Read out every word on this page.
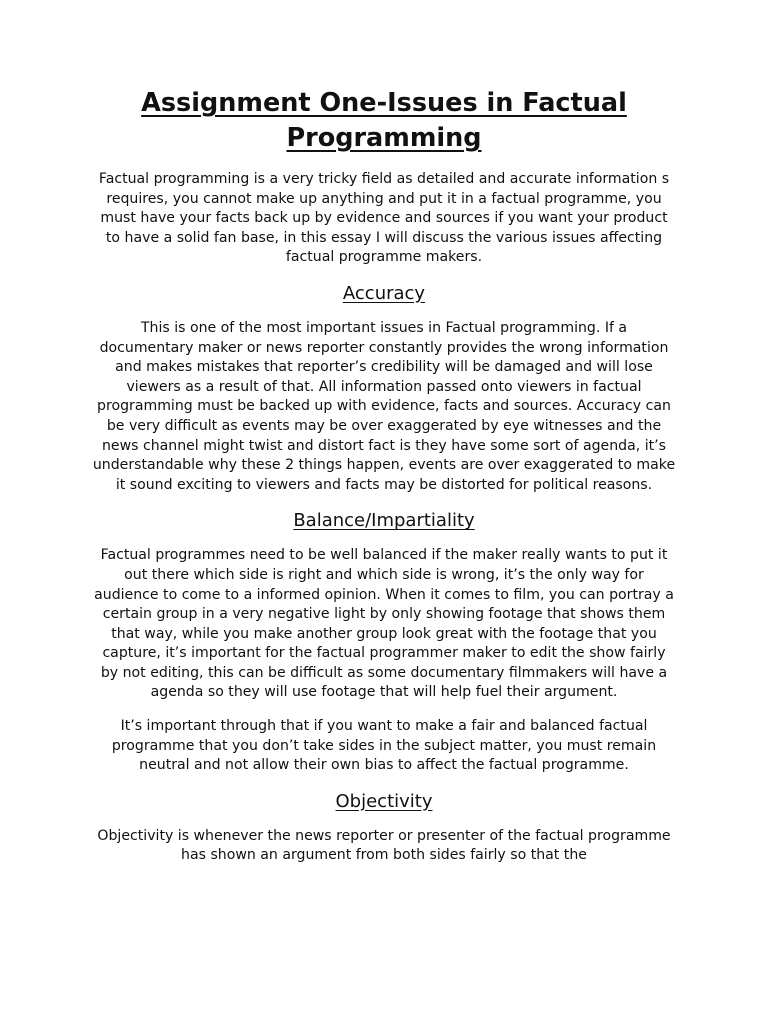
Assignment One-Issues in Factual Programming

Factual programming is a very tricky field as detailed and accurate information s requires, you cannot make up anything and put it in a factual programme, you must have your facts back up by evidence and sources if you want your product to have a solid fan base, in this essay I will discuss the various issues affecting factual programme makers.

Accuracy

This is one of the most important issues in Factual programming. If a documentary maker or news reporter constantly provides the wrong information and makes mistakes that reporter’s credibility will be damaged and will lose viewers as a result of that. All information passed onto viewers in factual programming must be backed up with evidence, facts and sources. Accuracy can be very difficult as events may be over exaggerated by eye witnesses and the news channel might twist and distort fact is they have some sort of agenda, it’s understandable why these 2 things happen, events are over exaggerated to make it sound exciting to viewers and facts may be distorted for political reasons.

Balance/Impartiality

Factual programmes need to be well balanced if the maker really wants to put it out there which side is right and which side is wrong, it’s the only way for audience to come to a informed opinion. When it comes to film, you can portray a certain group in a very negative light by only showing footage that shows them that way, while you make another group look great with the footage that you capture, it’s important for the factual programmer maker to edit the show fairly by not editing, this can be difficult as some documentary filmmakers will have a agenda so they will use footage that will help fuel their argument.

It’s important through that if you want to make a fair and balanced factual programme that you don’t take sides in the subject matter, you must remain neutral and not allow their own bias to affect the factual programme.

Objectivity

Objectivity is whenever the news reporter or presenter of the factual programme has shown an argument from both sides fairly so that the
